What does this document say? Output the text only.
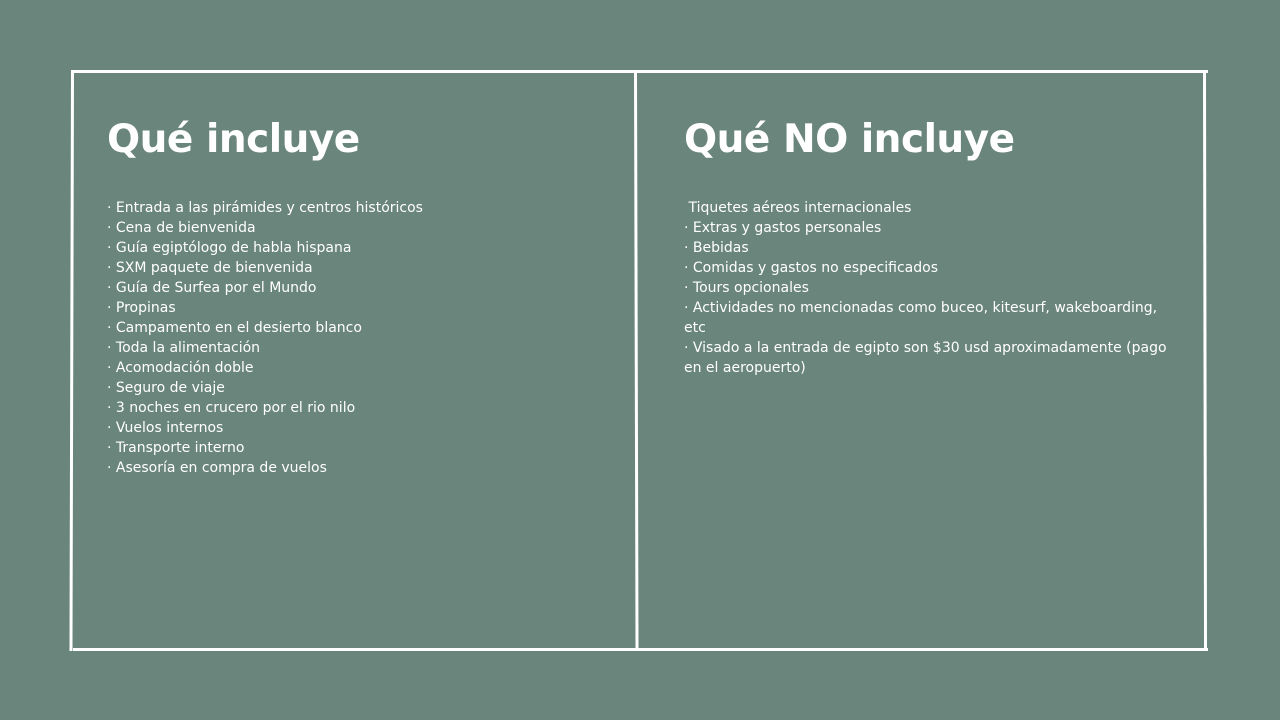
Qué incluye
· Entrada a las pirámides y centros históricos
· Cena de bienvenida
· Guía egiptólogo de habla hispana
· SXM paquete de bienvenida
· Guía de Surfea por el Mundo
· Propinas
· Campamento en el desierto blanco
· Toda la alimentación
· Acomodación doble
· Seguro de viaje
· 3 noches en crucero por el rio nilo
· Vuelos internos
· Transporte interno
· Asesoría en compra de vuelos
Qué NO incluye
Tiquetes aéreos internacionales
· Extras y gastos personales
· Bebidas
· Comidas y gastos no especificados
· Tours opcionales
· Actividades no mencionadas como buceo, kitesurf, wakeboarding, etc
· Visado a la entrada de egipto son $30 usd aproximadamente (pago en el aeropuerto)
